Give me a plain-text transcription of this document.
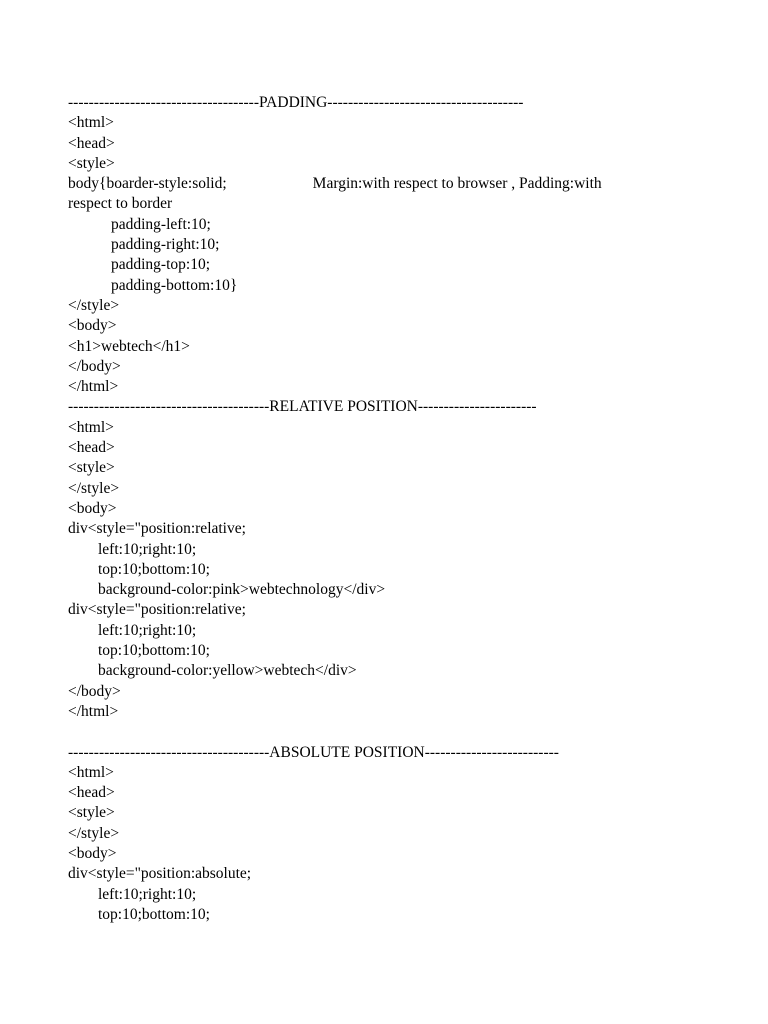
-------------------------------------PADDING--------------------------------------
<html>
<head>
<style>
body{boarder-style:solid;	Margin:with respect to browser , Padding:with
respect to border
padding-left:10;
padding-right:10;
padding-top:10;
padding-bottom:10}
</style>
<body>
<h1>webtech</h1>
</body>
</html>
---------------------------------------RELATIVE POSITION-----------------------
<html>
<head>
<style>
</style>
<body>
div<style="position:relative;
left:10;right:10;
top:10;bottom:10;
background-color:pink>webtechnology</div>
div<style="position:relative;
left:10;right:10;
top:10;bottom:10;
background-color:yellow>webtech</div>
</body>
</html>
---------------------------------------ABSOLUTE POSITION--------------------------
<html>
<head>
<style>
</style>
<body>
div<style="position:absolute;
left:10;right:10;
top:10;bottom:10;
